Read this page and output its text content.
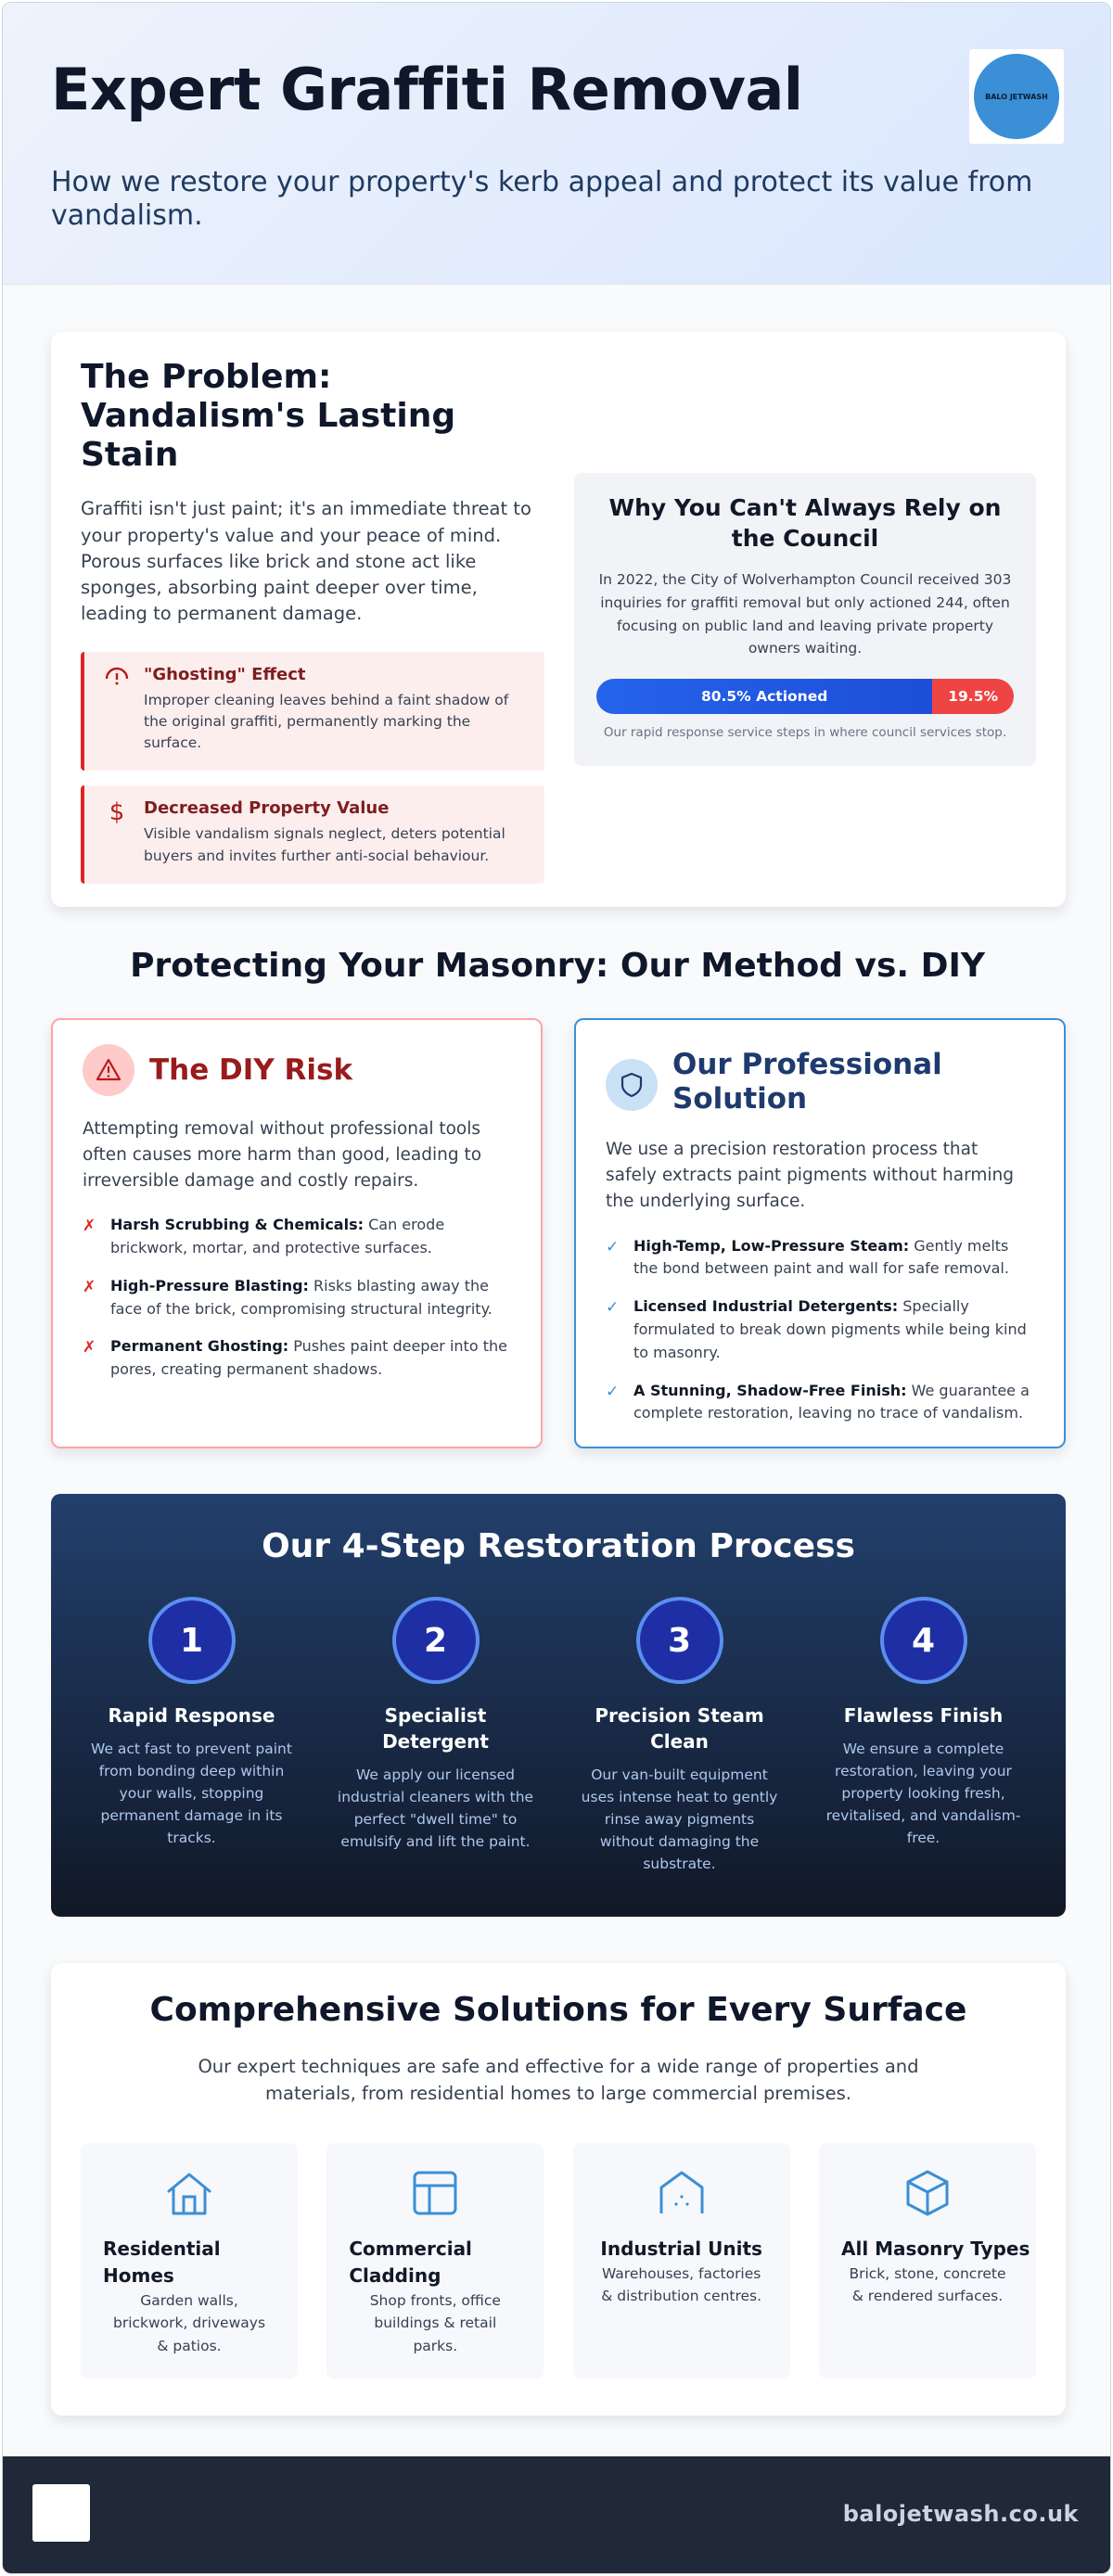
Expert Graffiti Removal

How we restore your property's kerb appeal and protect its value from vandalism.

BALO JETWASH
The Problem: Vandalism's Lasting Stain

Graffiti isn't just paint; it's an immediate threat to your property's value and your peace of mind. Porous surfaces like brick and stone act like sponges, absorbing paint deeper over time, leading to permanent damage.

"Ghosting" Effect

Improper cleaning leaves behind a faint shadow of the original graffiti, permanently marking the surface.

$	Decreased Property Value

Visible vandalism signals neglect, deters potential buyers and invites further anti-social behaviour.

Why You Can't Always Rely on the Council

In 2022, the City of Wolverhampton Council received 303 inquiries for graffiti removal but only actioned 244, often focusing on public land and leaving private property owners waiting.

80.5% Actioned	19.5%

Our rapid response service steps in where council services stop.

Protecting Your Masonry: Our Method vs. DIY
The DIY Risk

Attempting removal without professional tools often causes more harm than good, leading to irreversible damage and costly repairs.

✗ Harsh Scrubbing & Chemicals: Can erode brickwork, mortar, and protective surfaces.
✗ High-Pressure Blasting: Risks blasting away the face of the brick, compromising structural integrity.
✗ Permanent Ghosting: Pushes paint deeper into the pores, creating permanent shadows.
Our Professional Solution

We use a precision restoration process that safely extracts paint pigments without harming the underlying surface.

✓ High-Temp, Low-Pressure Steam: Gently melts the bond between paint and wall for safe removal.
✓ Licensed Industrial Detergents: Specially formulated to break down pigments while being kind to masonry.
✓ A Stunning, Shadow-Free Finish: We guarantee a complete restoration, leaving no trace of vandalism.
Our 4-Step Restoration Process
1
Rapid Response

We act fast to prevent paint from bonding deep within your walls, stopping permanent damage in its tracks.

2
Specialist Detergent

We apply our licensed industrial cleaners with the perfect "dwell time" to emulsify and lift the paint.

3
Precision Steam Clean

Our van-built equipment uses intense heat to gently rinse away pigments without damaging the substrate.

4
Flawless Finish

We ensure a complete restoration, leaving your property looking fresh, revitalised, and vandalism-free.

Comprehensive Solutions for Every Surface

Our expert techniques are safe and effective for a wide range of properties and materials, from residential homes to large commercial premises.

Residential Homes

Garden walls, brickwork, driveways & patios.

Commercial Cladding

Shop fronts, office buildings & retail parks.

Industrial Units

Warehouses, factories & distribution centres.

All Masonry Types

Brick, stone, concrete & rendered surfaces.

balojetwash.co.uk
